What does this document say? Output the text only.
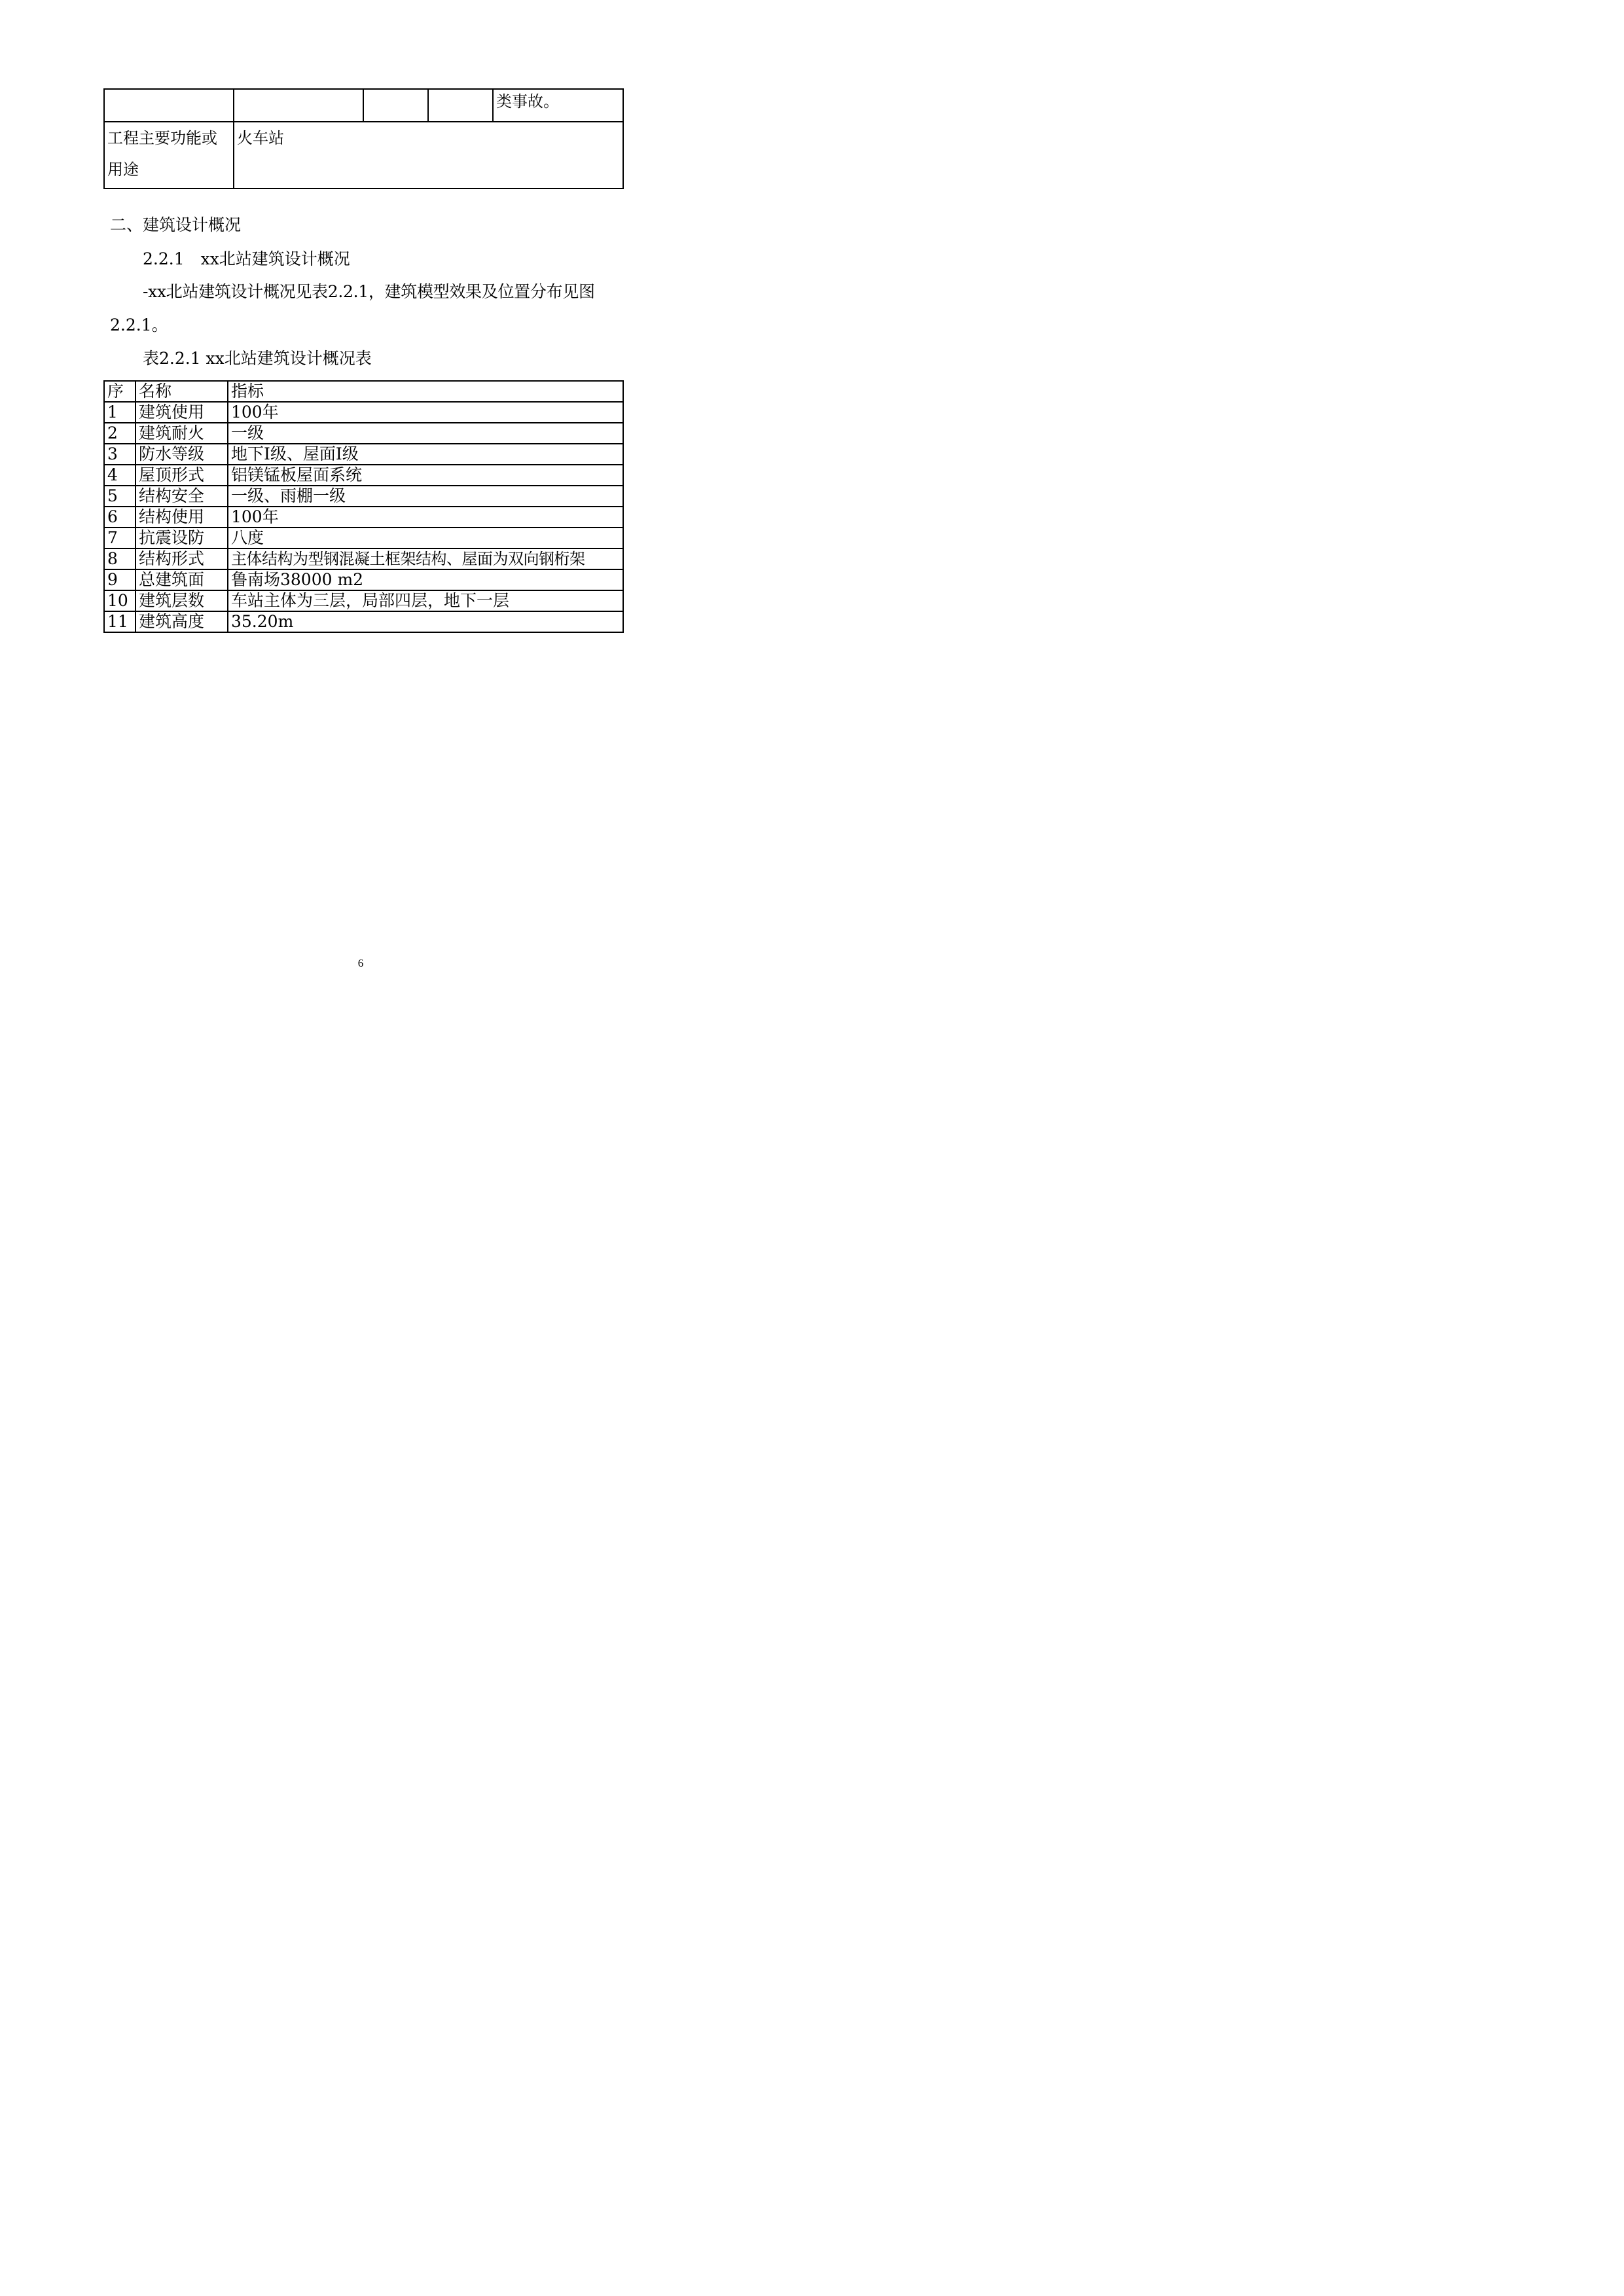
				类事故。
工程主要功能或用途	火车站			
二、建筑设计概况
2.2.1　xx北站建筑设计概况
-xx北站建筑设计概况见表2.2.1，建筑模型效果及位置分布见图
2.2.1。
表2.2.1 xx北站建筑设计概况表
序	名称	指标
1	建筑使用	100年
2	建筑耐火	一级
3	防水等级	地下I级、屋面I级
4	屋顶形式	铝镁锰板屋面系统
5	结构安全	一级、雨棚一级
6	结构使用	100年
7	抗震设防	八度
8	结构形式	主体结构为型钢混凝土框架结构、屋面为双向钢桁架
9	总建筑面	鲁南场38000 m2
10	建筑层数	车站主体为三层，局部四层，地下一层
11	建筑高度	35.20m
6
